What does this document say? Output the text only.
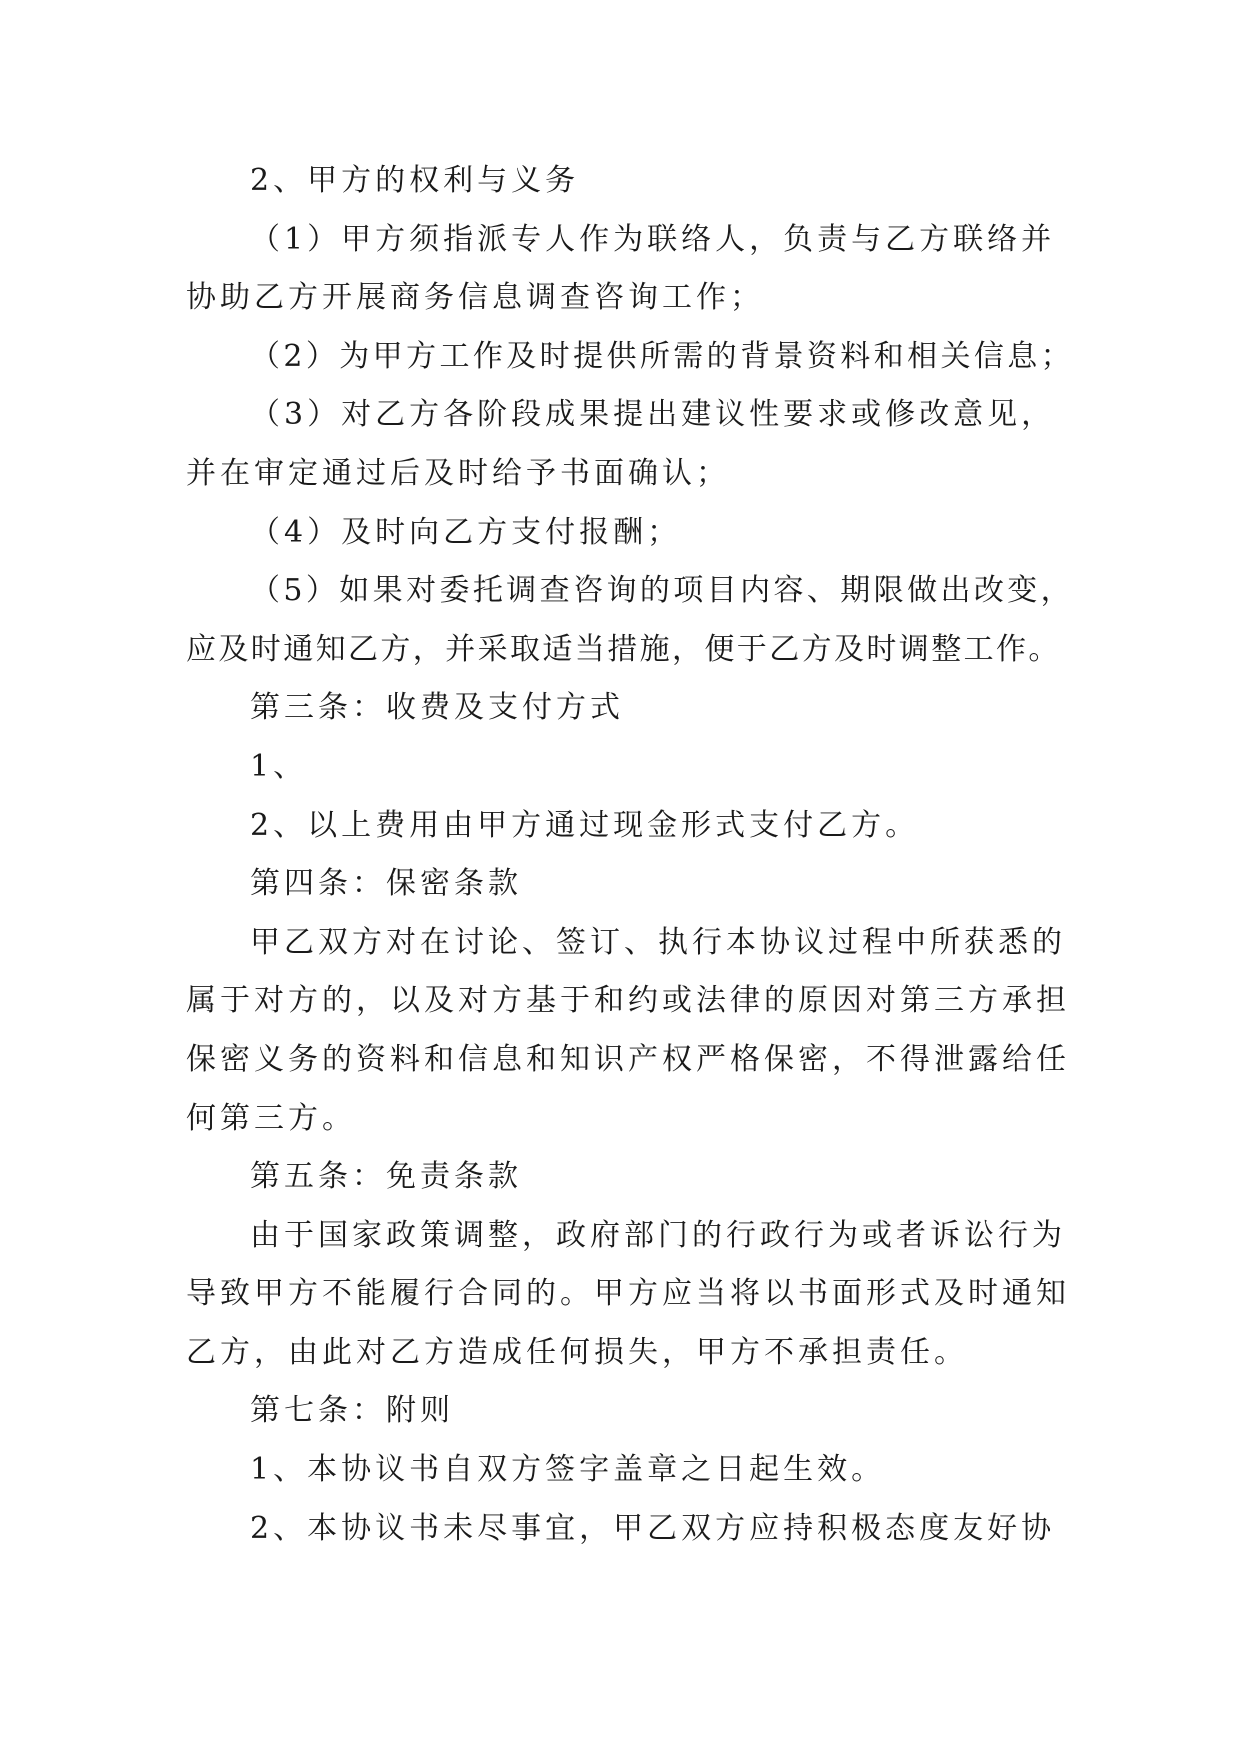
2、甲方的权利与义务
（1）甲方须指派专人作为联络人，负责与乙方联络并
协助乙方开展商务信息调查咨询工作；
（2）为甲方工作及时提供所需的背景资料和相关信息；
（3）对乙方各阶段成果提出建议性要求或修改意见，
并在审定通过后及时给予书面确认；
（4）及时向乙方支付报酬；
（5）如果对委托调查咨询的项目内容、期限做出改变，
应及时通知乙方，并采取适当措施，便于乙方及时调整工作。
第三条：收费及支付方式
1、
2、以上费用由甲方通过现金形式支付乙方。
第四条：保密条款
甲乙双方对在讨论、签订、执行本协议过程中所获悉的
属于对方的，以及对方基于和约或法律的原因对第三方承担
保密义务的资料和信息和知识产权严格保密，不得泄露给任
何第三方。
第五条：免责条款
由于国家政策调整，政府部门的行政行为或者诉讼行为
导致甲方不能履行合同的。甲方应当将以书面形式及时通知
乙方，由此对乙方造成任何损失，甲方不承担责任。
第七条：附则
1、本协议书自双方签字盖章之日起生效。
2、本协议书未尽事宜，甲乙双方应持积极态度友好协
